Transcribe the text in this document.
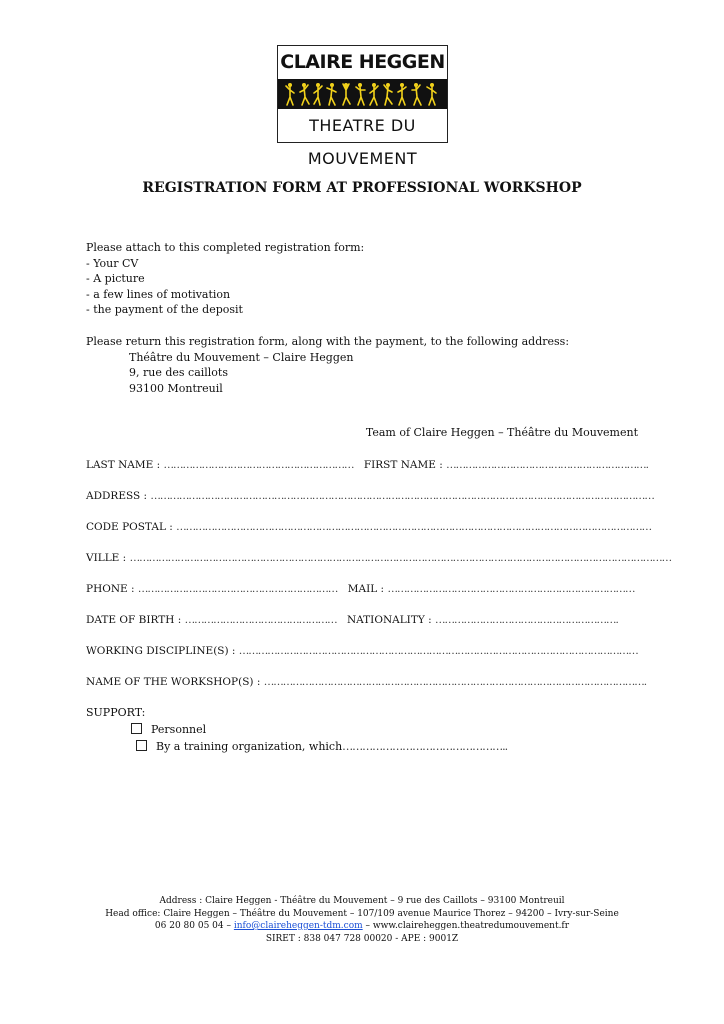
CLAIRE HEGGEN
THEATRE DU MOUVEMENT
REGISTRATION FORM AT PROFESSIONAL WORKSHOP
Please attach to this completed registration form:
- Your CV
- A picture
- a few lines of motivation
- the payment of the deposit
Please return this registration form, along with the payment, to the following address:
Théâtre du Mouvement – Claire Heggen
9, rue des caillots
93100 Montreuil
Team of Claire Heggen – Théâtre du Mouvement
LAST NAME : …………………………………………………… FIRST NAME : ……………………………………………………….
ADDRESS : ……………………………………………………………………………………………………………………………………………
CODE POSTAL : ……………………………………………………………………………………………………………………………………
VILLE : ………………………………………………………………………………………………………………………………………………………
PHONE : ……………………………………………………… MAIL : ……………………………………………………………………
DATE OF BIRTH : ………………………………………… NATIONALITY : ………………………………………………….
WORKING DISCIPLINE(S) : ………………………………………………………………………………………………………………
NAME OF THE WORKSHOP(S) : ………………………………………………………………………………………………………….
SUPPORT:
Personnel
By a training organization, which…………………………………………..
Address : Claire Heggen - Théâtre du Mouvement – 9 rue des Caillots – 93100 Montreuil
Head office: Claire Heggen – Théâtre du Mouvement – 107/109 avenue Maurice Thorez – 94200 – Ivry-sur-Seine
06 20 80 05 04 – info@claireheggen-tdm.com – www.claireheggen.theatredumouvement.fr
SIRET : 838 047 728 00020 - APE : 9001Z
